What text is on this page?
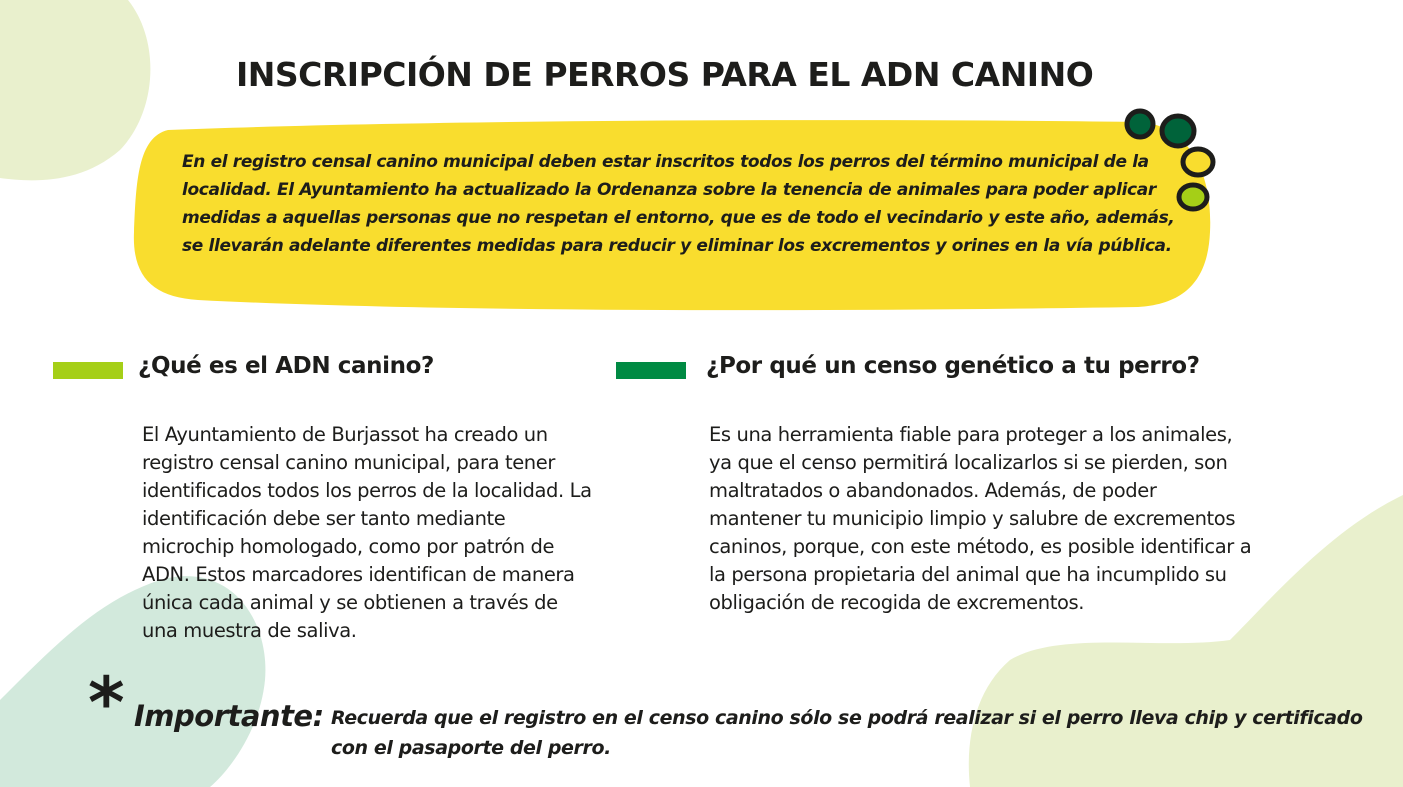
INSCRIPCIÓN DE PERROS PARA EL ADN CANINO

En el registro censal canino municipal deben estar inscritos todos los perros del término municipal de la localidad. El Ayuntamiento ha actualizado la Ordenanza sobre la tenencia de animales para poder aplicar medidas a aquellas personas que no respetan el entorno, que es de todo el vecindario y este año, además, se llevarán adelante diferentes medidas para reducir y eliminar los excrementos y orines en la vía pública.

¿Qué es el ADN canino?

El Ayuntamiento de Burjassot ha creado un registro censal canino municipal, para tener identificados todos los perros de la localidad. La identificación debe ser tanto mediante microchip homologado, como por patrón de ADN. Estos marcadores identifican de manera única cada animal y se obtienen a través de una muestra de saliva.

¿Por qué un censo genético a tu perro?

Es una herramienta fiable para proteger a los animales, ya que el censo permitirá localizarlos si se pierden, son maltratados o abandonados. Además, de poder mantener tu municipio limpio y salubre de excrementos caninos, porque, con este método, es posible identificar a la persona propietaria del animal que ha incumplido su obligación de recogida de excrementos.

* Importante: Recuerda que el registro en el censo canino sólo se podrá realizar si el perro lleva chip y certificado con el pasaporte del perro.
